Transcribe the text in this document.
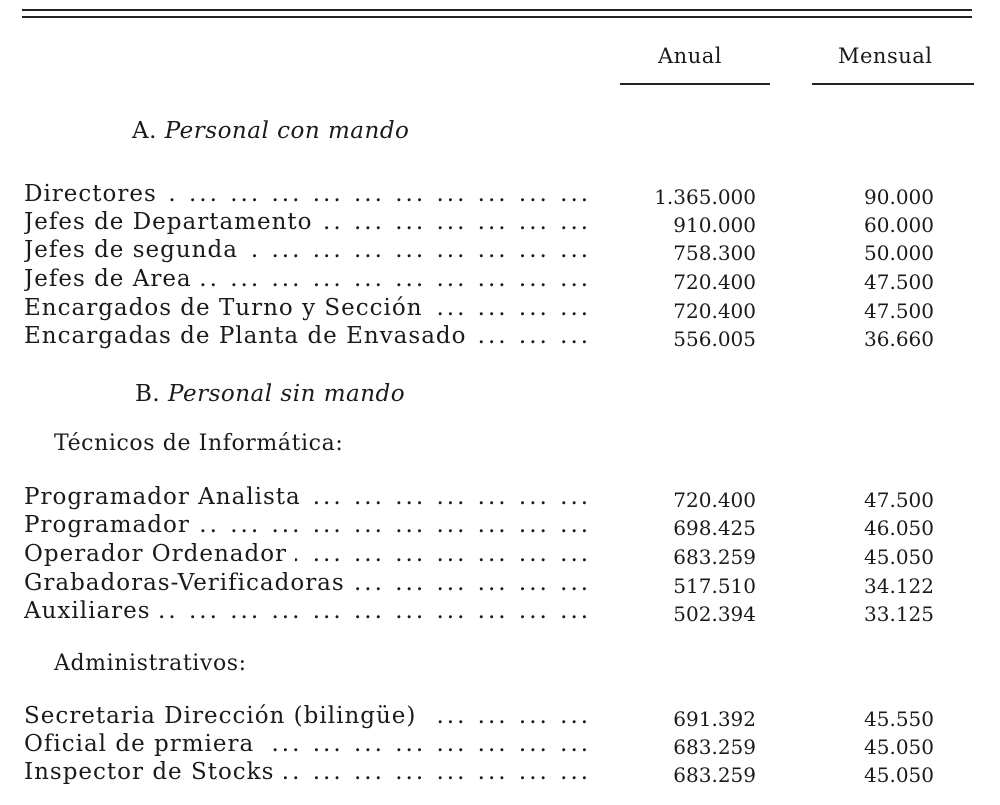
Anual	Mensual
A. Personal con mando
Directores ... .	1.365.000	90.000
Jefes de Departamento ... .	910.000	60.000
Jefes de segunda ... .	758.300	50.000
Jefes de Area ... .	720.400	47.500
Encargados de Turno y Sección ... .	720.400	47.500
Encargadas de Planta de Envasado ... .	556.005	36.660
B. Personal sin mando
Técnicos de Informática:
Programador Analista ... .	720.400	47.500
Programador ... .	698.425	46.050
Operador Ordenador ... .	683.259	45.050
Grabadoras-Verificadoras ... .	517.510	34.122
Auxiliares ... .	502.394	33.125
Administrativos:
Secretaria Dirección (bilingüe) ... .	691.392	45.550
Oficial de prmiera ... .	683.259	45.050
Inspector de Stocks ... .	683.259	45.050
